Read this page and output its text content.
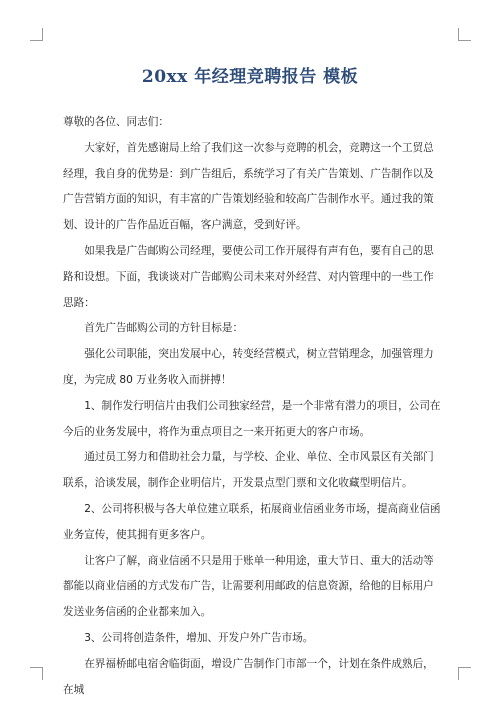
20xx 年经理竞聘报告 模板

尊敬的各位、同志们：

大家好，首先感谢局上给了我们这一次参与竞聘的机会，竞聘这一个工贸总经理，我自身的优势是：到广告组后，系统学习了有关广告策划、广告制作以及广告营销方面的知识，有丰富的广告策划经验和较高广告制作水平。通过我的策划、设计的广告作品近百幅，客户满意，受到好评。

如果我是广告邮购公司经理，要使公司工作开展得有声有色，要有自己的思路和设想。下面，我谈谈对广告邮购公司未来对外经营、对内管理中的一些工作思路：

首先广告邮购公司的方针目标是：

强化公司职能，突出发展中心，转变经营模式，树立营销理念，加强管理力度，为完成 80 万业务收入而拼搏！

1、制作发行明信片由我们公司独家经营，是一个非常有潜力的项目，公司在今后的业务发展中，将作为重点项目之一来开拓更大的客户市场。

通过员工努力和借助社会力量，与学校、企业、单位、全市风景区有关部门联系，洽谈发展，制作企业明信片，开发景点型门票和文化收藏型明信片。

2、公司将积极与各大单位建立联系，拓展商业信函业务市场，提高商业信函业务宣传，使其拥有更多客户。

让客户了解，商业信函不只是用于账单一种用途，重大节日、重大的活动等都能以商业信函的方式发布广告，让需要利用邮政的信息资源，给他的目标用户发送业务信函的企业都来加入。

3、公司将创造条件，增加、开发户外广告市场。

在界福桥邮电宿舍临街面，增设广告制作门市部一个，计划在条件成熟后，在城
